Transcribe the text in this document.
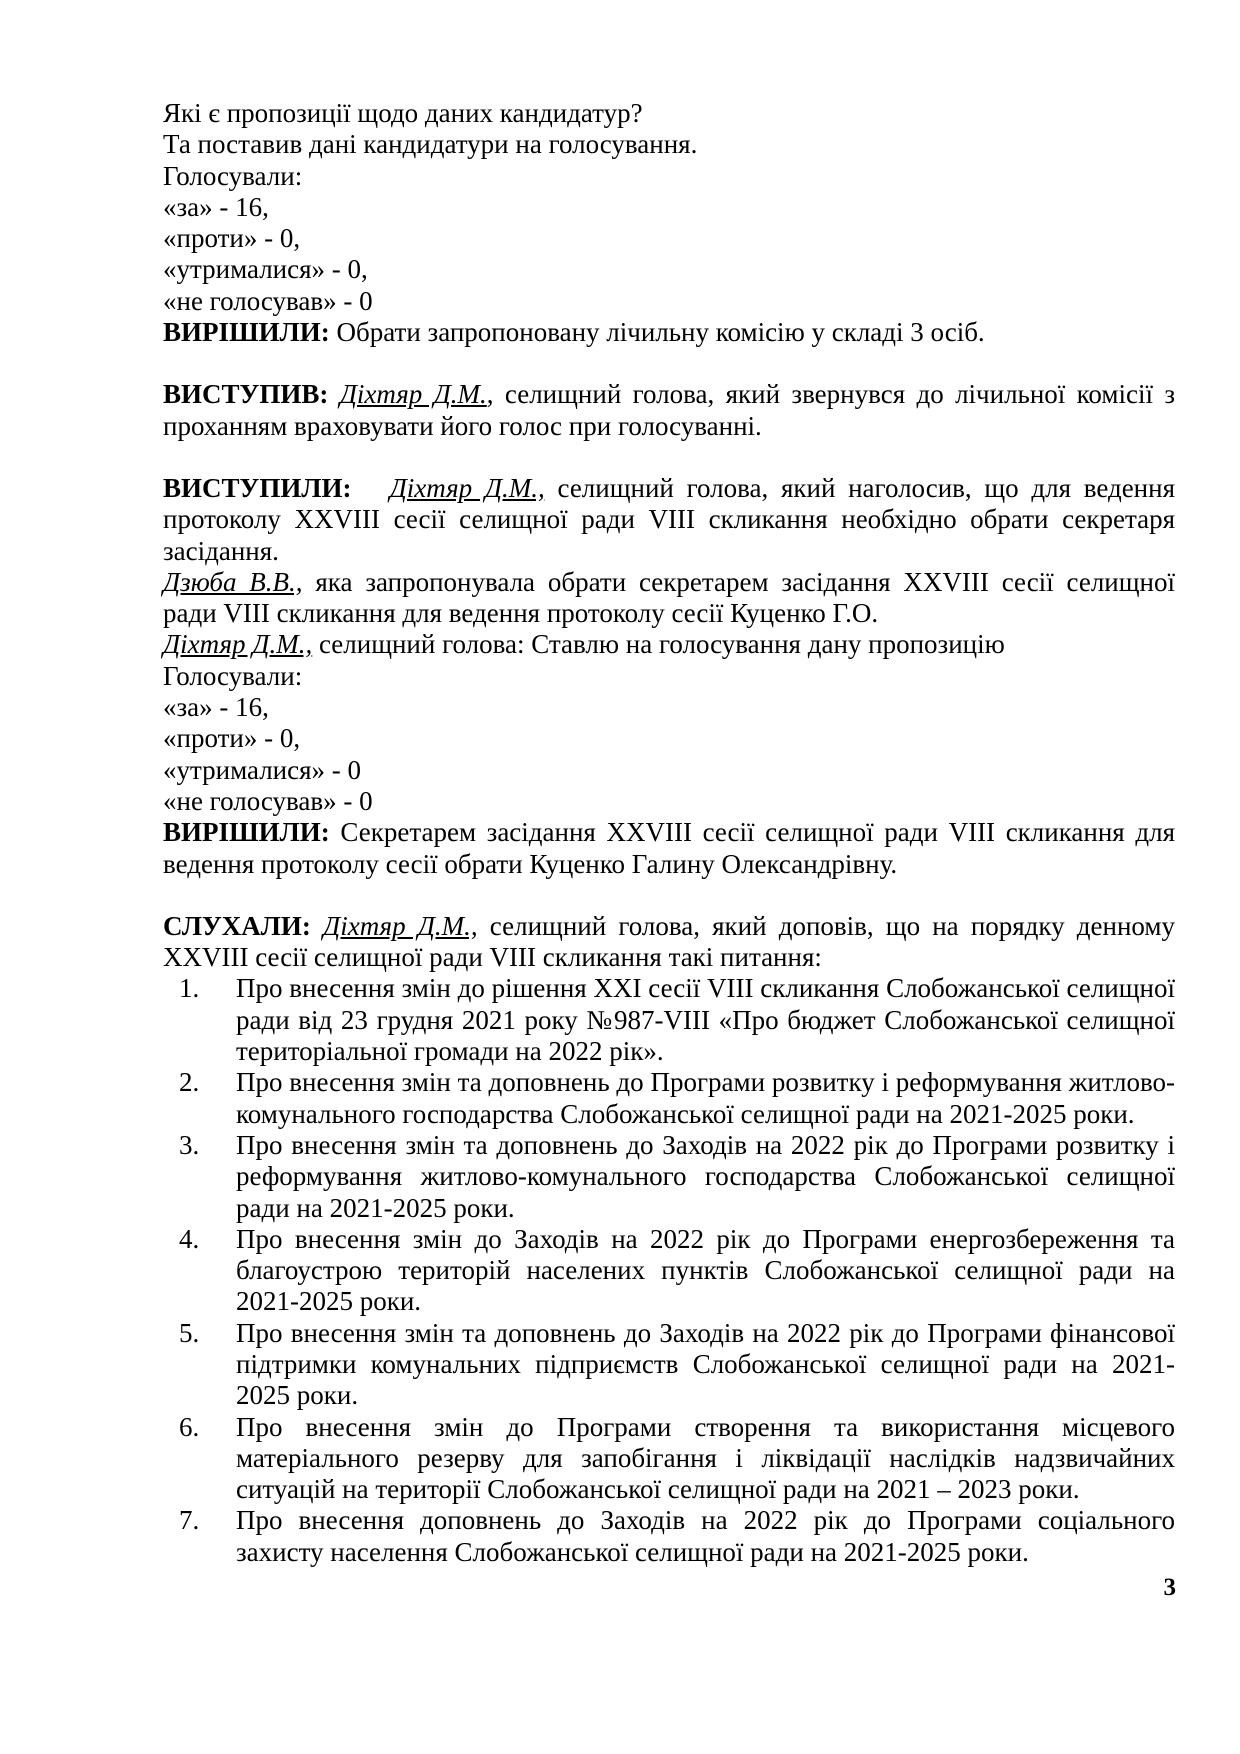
Які є пропозиції щодо даних кандидатур?

Та поставив дані кандидатури на голосування.

Голосували:

«за» - 16,

«проти» - 0,

«утрималися» - 0,

«не голосував» - 0

ВИРІШИЛИ: Обрати запропоновану лічильну комісію у складі 3 осіб.

ВИСТУПИВ: Діхтяр Д.М., селищний голова, який звернувся до лічильної комісії з проханням враховувати його голос при голосуванні.

ВИСТУПИЛИ: Діхтяр Д.М., селищний голова, який наголосив, що для ведення протоколу XXVIII сесії селищної ради VIII скликання необхідно обрати секретаря засідання.

Дзюба В.В., яка запропонувала обрати секретарем засідання XXVIII сесії селищної ради VIII скликання для ведення протоколу сесії Куценко Г.О.

Діхтяр Д.М., селищний голова: Ставлю на голосування дану пропозицію

Голосували:

«за» - 16,

«проти» - 0,

«утрималися» - 0

«не голосував» - 0

ВИРІШИЛИ: Секретарем засідання XXVIII сесії селищної ради VIII скликання для ведення протоколу сесії обрати Куценко Галину Олександрівну.

СЛУХАЛИ: Діхтяр Д.М., селищний голова, який доповів, що на порядку денному XXVIII сесії селищної ради VIII скликання такі питання:

1. Про внесення змін до рішення XXI сесії VIII скликання Слобожанської селищної ради від 23 грудня 2021 року №987-VIII «Про бюджет Слобожанської селищної територіальної громади на 2022 рік».
2. Про внесення змін та доповнень до Програми розвитку і реформування житлово-комунального господарства Слобожанської селищної ради на 2021-2025 роки.
3. Про внесення змін та доповнень до Заходів на 2022 рік до Програми розвитку і реформування житлово-комунального господарства Слобожанської селищної ради на 2021-2025 роки.
4. Про внесення змін до Заходів на 2022 рік до Програми енергозбереження та благоустрою територій населених пунктів Слобожанської селищної ради на 2021-2025 роки.
5. Про внесення змін та доповнень до Заходів на 2022 рік до Програми фінансової підтримки комунальних підприємств Слобожанської селищної ради на 2021-2025 роки.
6. Про внесення змін до Програми створення та використання місцевого матеріального резерву для запобігання і ліквідації наслідків надзвичайних ситуацій на території Слобожанської селищної ради на 2021 – 2023 роки.
7. Про внесення доповнень до Заходів на 2022 рік до Програми соціального захисту населення Слобожанської селищної ради на 2021-2025 роки.
3
